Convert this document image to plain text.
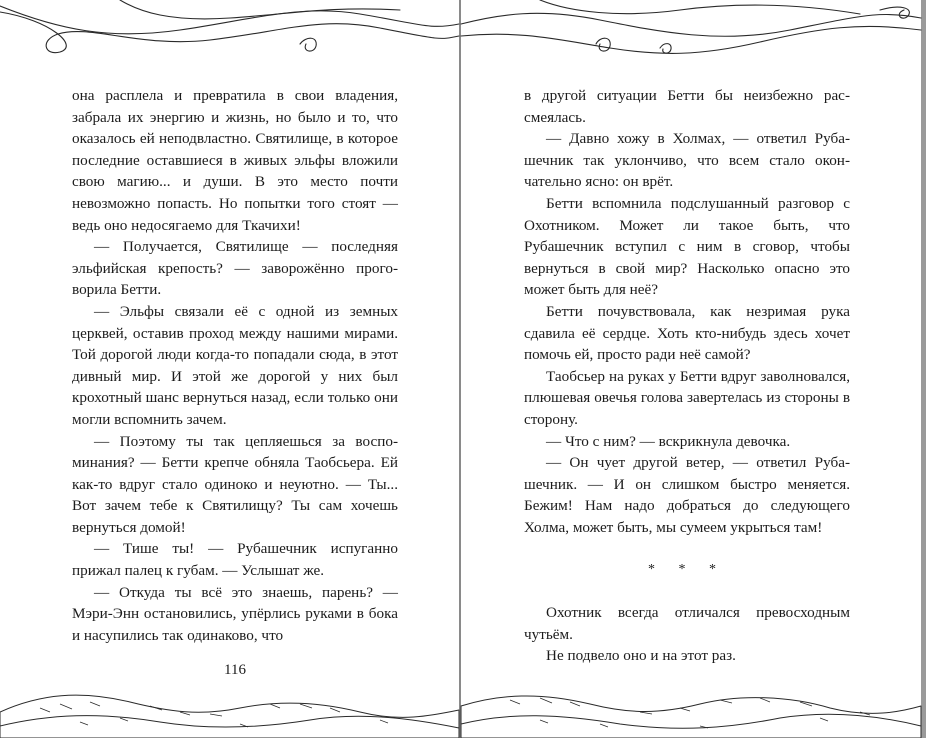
она расплела и превратила в свои владения, забрала их энергию и жизнь, но было и то, что оказалось ей неподвластно. Святилище, в которое последние оставшиеся в живых эльфы вложили свою магию... и души. В это место почти невозможно попасть. Но попытки того стоят — ведь оно недосягаемо для Ткачихи!

— Получается, Святилище — последняя эльфийская крепость? — заворожённо проговорила Бетти.

— Эльфы связали её с одной из земных церквей, оставив проход между нашими мирами. Той дорогой люди когда-то попадали сюда, в этот дивный мир. И этой же дорогой у них был крохотный шанс вернуться назад, если только они могли вспомнить зачем.

— Поэтому ты так цепляешься за воспоминания? — Бетти крепче обняла Таобсьера. Ей как-то вдруг стало одиноко и неуютно. — Ты... Вот зачем тебе к Святилищу? Ты сам хочешь вернуться домой!

— Тише ты! — Рубашечник испуганно прижал палец к губам. — Услышат же.

— Откуда ты всё это знаешь, парень? — Мэри-Энн остановились, упёрлись руками в бока и насупились так одинаково, что

116

в другой ситуации Бетти бы неизбежно рассмеялась.

— Давно хожу в Холмах, — ответил Рубашечник так уклончиво, что всем стало окончательно ясно: он врёт.

Бетти вспомнила подслушанный разговор с Охотником. Может ли такое быть, что Рубашечник вступил с ним в сговор, чтобы вернуться в свой мир? Насколько опасно это может быть для неё?

Бетти почувствовала, как незримая рука сдавила её сердце. Хоть кто-нибудь здесь хочет помочь ей, просто ради неё самой?

Таобсьер на руках у Бетти вдруг заволновался, плюшевая овечья голова завертелась из стороны в сторону.

— Что с ним? — вскрикнула девочка.

— Он чует другой ветер, — ответил Рубашечник. — И он слишком быстро меняется. Бежим! Нам надо добраться до следующего Холма, может быть, мы сумеем укрыться там!

* * *

Охотник всегда отличался превосходным чутьём.

Не подвело оно и на этот раз.
